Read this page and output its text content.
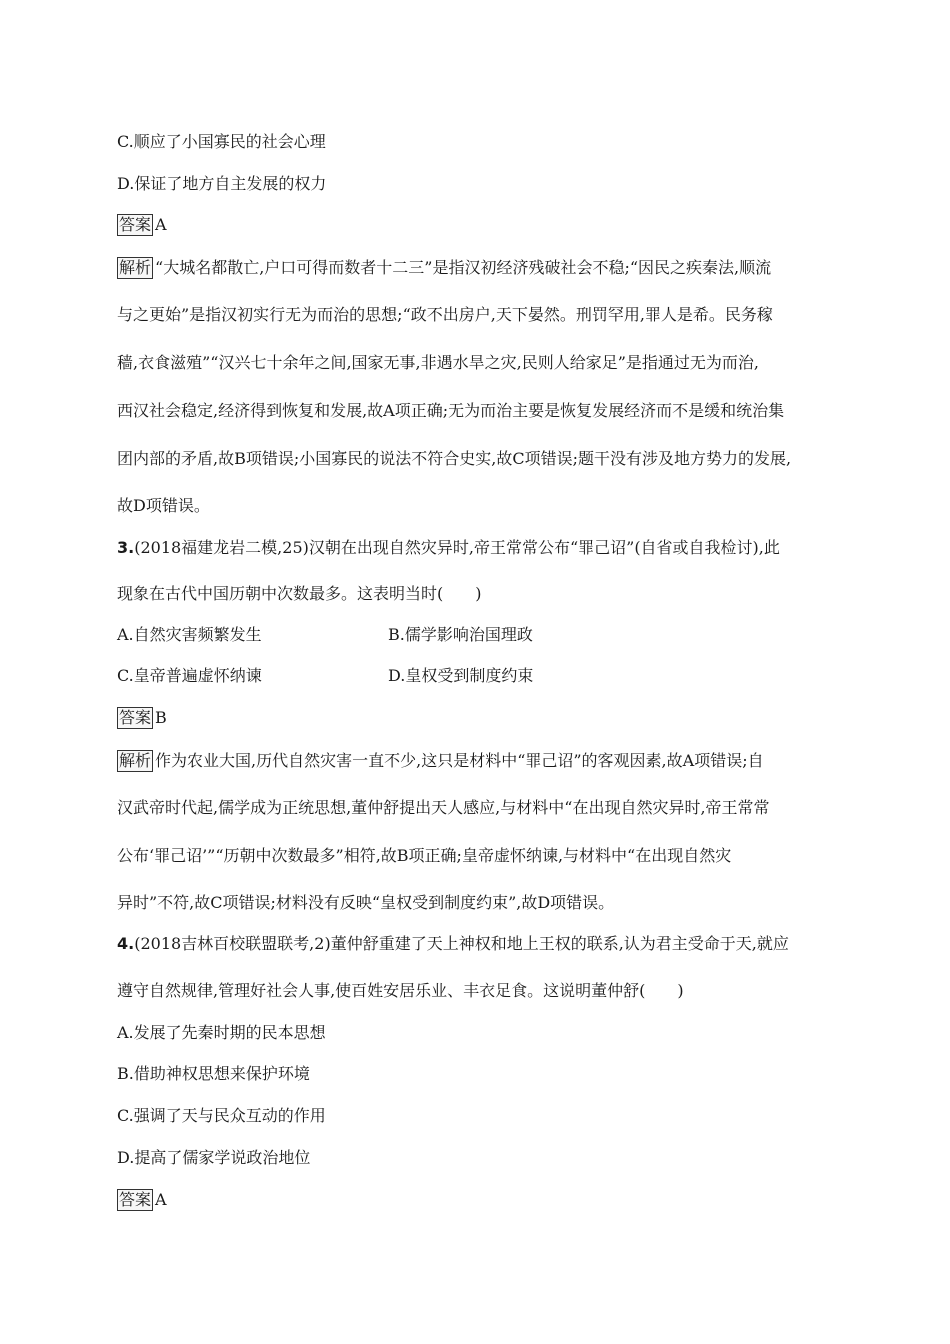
C.顺应了小国寡民的社会心理
D.保证了地方自主发展的权力
答案 A
解析 “大城名都散亡,户口可得而数者十二三”是指汉初经济残破社会不稳;“因民之疾秦法,顺流
与之更始”是指汉初实行无为而治的思想;“政不出房户,天下晏然。刑罚罕用,罪人是希。民务稼
穑,衣食滋殖”“汉兴七十余年之间,国家无事,非遇水旱之灾,民则人给家足”是指通过无为而治,
西汉社会稳定,经济得到恢复和发展,故A项正确;无为而治主要是恢复发展经济而不是缓和统治集
团内部的矛盾,故B项错误;小国寡民的说法不符合史实,故C项错误;题干没有涉及地方势力的发展,
故D项错误。
3.(2018福建龙岩二模,25)汉朝在出现自然灾异时,帝王常常公布“罪己诏”(自省或自我检讨),此
现象在古代中国历朝中次数最多。这表明当时(　　)
A.自然灾害频繁发生	B.儒学影响治国理政
C.皇帝普遍虚怀纳谏	D.皇权受到制度约束
答案 B
解析 作为农业大国,历代自然灾害一直不少,这只是材料中“罪己诏”的客观因素,故A项错误;自
汉武帝时代起,儒学成为正统思想,董仲舒提出天人感应,与材料中“在出现自然灾异时,帝王常常
公布‘罪己诏’”“历朝中次数最多”相符,故B项正确;皇帝虚怀纳谏,与材料中“在出现自然灾
异时”不符,故C项错误;材料没有反映“皇权受到制度约束”,故D项错误。
4.(2018吉林百校联盟联考,2)董仲舒重建了天上神权和地上王权的联系,认为君主受命于天,就应
遵守自然规律,管理好社会人事,使百姓安居乐业、丰衣足食。这说明董仲舒(　　)
A.发展了先秦时期的民本思想
B.借助神权思想来保护环境
C.强调了天与民众互动的作用
D.提高了儒家学说政治地位
答案 A
